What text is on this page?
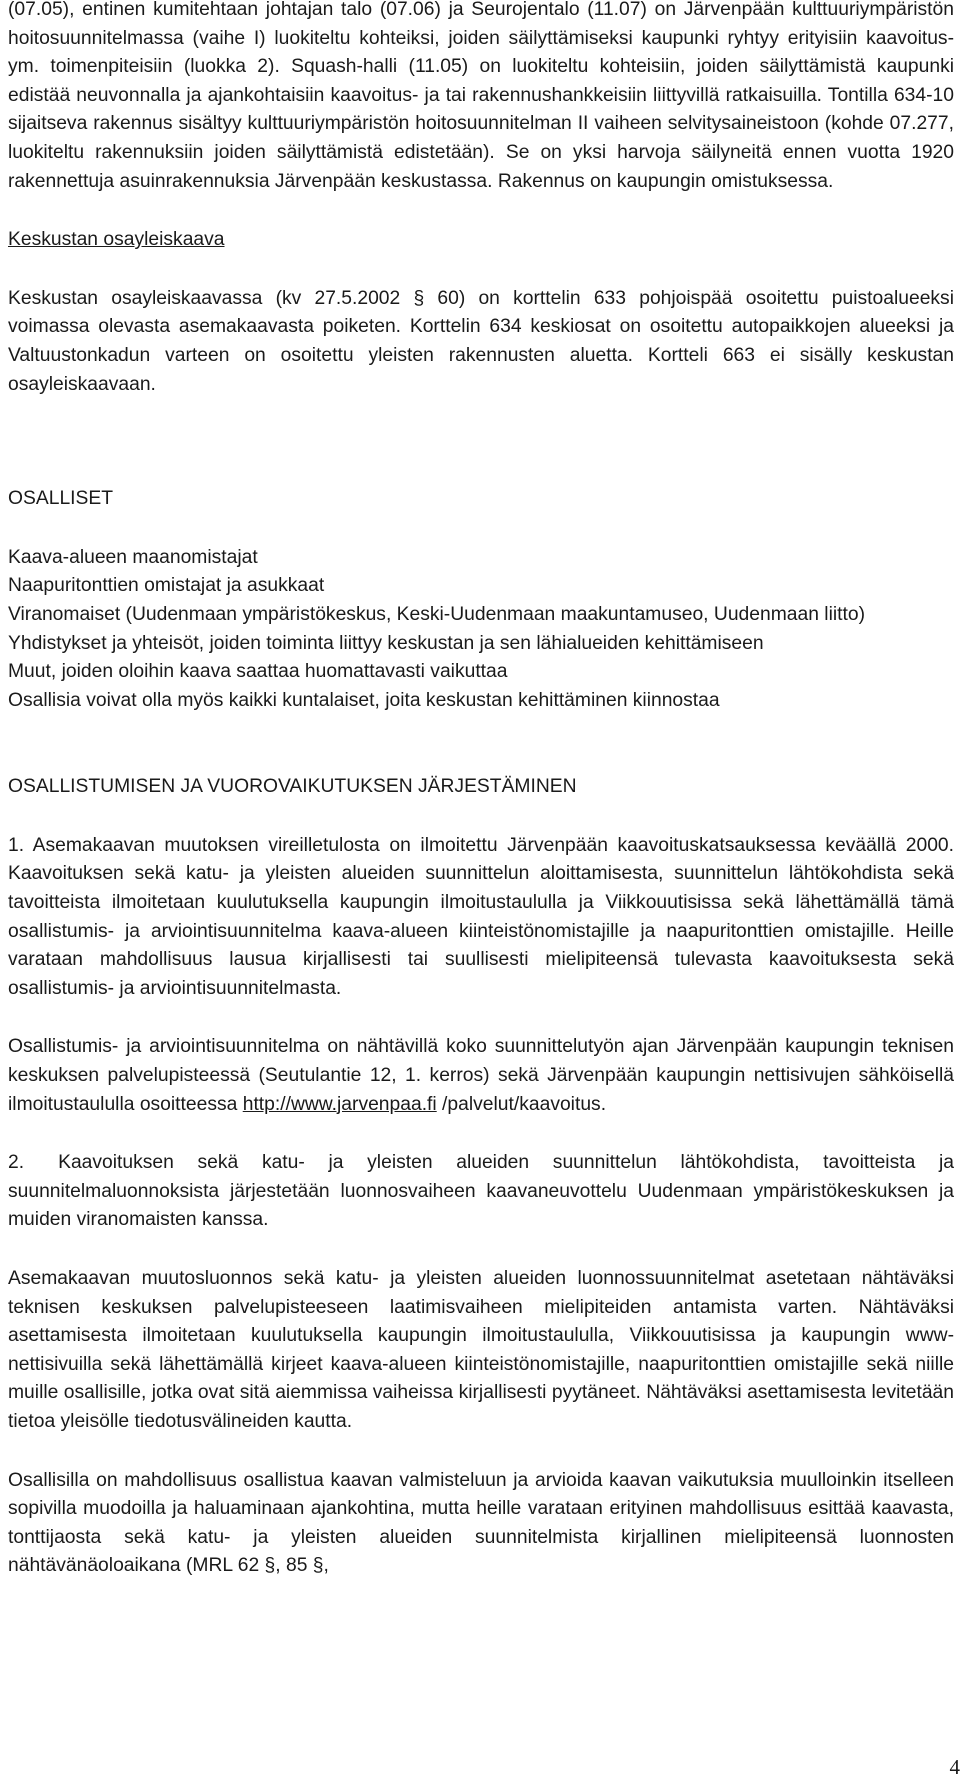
(07.05), entinen kumitehtaan johtajan talo (07.06) ja Seurojentalo (11.07) on Järvenpään kulttuuriympäristön hoitosuunnitelmassa (vaihe I) luokiteltu kohteiksi, joiden säilyttämiseksi kaupunki ryhtyy erityisiin kaavoitus- ym. toimenpiteisiin (luokka 2). Squash-halli (11.05) on luokiteltu kohteisiin, joiden säilyttämistä kaupunki edistää neuvonnalla ja ajankohtaisiin kaavoitus- ja tai rakennushankkeisiin liittyvillä ratkaisuilla. Tontilla 634-10 sijaitseva rakennus sisältyy kulttuuriympäristön hoitosuunnitelman II vaiheen selvitysaineistoon (kohde 07.277, luokiteltu rakennuksiin joiden säilyttämistä edistetään). Se on yksi harvoja säilyneitä ennen vuotta 1920 rakennettuja asuinrakennuksia Järvenpään keskustassa. Rakennus on kaupungin omistuksessa.

Keskustan osayleiskaava

Keskustan osayleiskaavassa (kv 27.5.2002 § 60) on korttelin 633 pohjoispää osoitettu puistoalueeksi voimassa olevasta asemakaavasta poiketen. Korttelin 634 keskiosat on osoitettu autopaikkojen alueeksi ja Valtuustonkadun varteen on osoitettu yleisten rakennusten aluetta. Kortteli 663 ei sisälly keskustan osayleiskaavaan.

OSALLISET

Kaava-alueen maanomistajat

Naapuritonttien omistajat ja asukkaat

Viranomaiset (Uudenmaan ympäristökeskus, Keski-Uudenmaan maakuntamuseo, Uudenmaan liitto)

Yhdistykset ja yhteisöt, joiden toiminta liittyy keskustan ja sen lähialueiden kehittämiseen

Muut, joiden oloihin kaava saattaa huomattavasti vaikuttaa

Osallisia voivat olla myös kaikki kuntalaiset, joita keskustan kehittäminen kiinnostaa

OSALLISTUMISEN JA VUOROVAIKUTUKSEN JÄRJESTÄMINEN

1. Asemakaavan muutoksen vireilletulosta on ilmoitettu Järvenpään kaavoituskatsauksessa keväällä 2000. Kaavoituksen sekä katu- ja yleisten alueiden suunnittelun aloittamisesta, suunnittelun lähtökohdista sekä tavoitteista ilmoitetaan kuulutuksella kaupungin ilmoitustaululla ja Viikkouutisissa sekä lähettämällä tämä osallistumis- ja arviointisuunnitelma kaava-alueen kiinteistönomistajille ja naapuritonttien omistajille. Heille varataan mahdollisuus lausua kirjallisesti tai suullisesti mielipiteensä tulevasta kaavoituksesta sekä osallistumis- ja arviointisuunnitelmasta.

Osallistumis- ja arviointisuunnitelma on nähtävillä koko suunnittelutyön ajan Järvenpään kaupungin teknisen keskuksen palvelupisteessä (Seutulantie 12, 1. kerros) sekä Järvenpään kaupungin nettisivujen sähköisellä ilmoitustaululla osoitteessa http://www.jarvenpaa.fi /palvelut/kaavoitus.

2. Kaavoituksen sekä katu- ja yleisten alueiden suunnittelun lähtökohdista, tavoitteista ja suunnitelmaluonnoksista järjestetään luonnosvaiheen kaavaneuvottelu Uudenmaan ympäristökeskuksen ja muiden viranomaisten kanssa.

Asemakaavan muutosluonnos sekä katu- ja yleisten alueiden luonnossuunnitelmat asetetaan nähtäväksi teknisen keskuksen palvelupisteeseen laatimisvaiheen mielipiteiden antamista varten. Nähtäväksi asettamisesta ilmoitetaan kuulutuksella kaupungin ilmoitustaululla, Viikkouutisissa ja kaupungin www-nettisivuilla sekä lähettämällä kirjeet kaava-alueen kiinteistönomistajille, naapuritonttien omistajille sekä niille muille osallisille, jotka ovat sitä aiemmissa vaiheissa kirjallisesti pyytäneet. Nähtäväksi asettamisesta levitetään tietoa yleisölle tiedotusvälineiden kautta.

Osallisilla on mahdollisuus osallistua kaavan valmisteluun ja arvioida kaavan vaikutuksia muulloinkin itselleen sopivilla muodoilla ja haluaminaan ajankohtina, mutta heille varataan erityinen mahdollisuus esittää kaavasta, tonttijaosta sekä katu- ja yleisten alueiden suunnitelmista kirjallinen mielipiteensä luonnosten nähtävänäoloaikana (MRL 62 §, 85 §,

4
